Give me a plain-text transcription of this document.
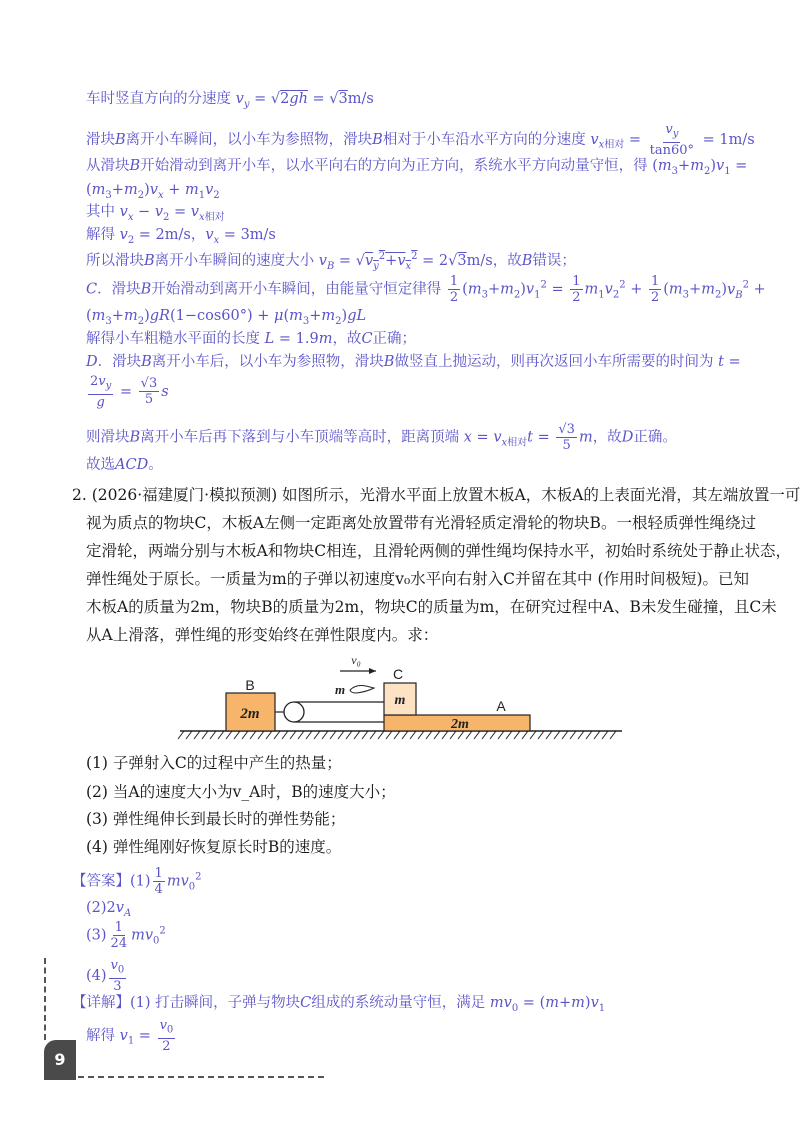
车时竖直方向的分速度 $v_y = √2gh = √3m/s$
滑块B离开小车瞬间，以小车为参照物，滑块B相对于小车沿水平方向的分速度 $v_{x相对} = \frac{v_y}{\tan 60^\circ} = 1m/s$
从滑块B开始滑动到离开小车，以水平向右的方向为正方向，系统水平方向动量守恒，得 $(m_3+m_2)v_1$ =
$(m_3+m_2)v_x + m_1v_2$
其中 $v_x - v_2 = v_{x相对}$
解得 $v_2 = 2m/s$，$v_x = 3m/s$
所以滑块B离开小车瞬间的速度大小 $v_B = √v_y^2+v_x^2 = 2√3m/s$，故B错误；
C．滑块B开始滑动到离开小车瞬间，由能量守恒定律得 $\frac{1}{2} (m_3+m_2)v_1^2 = \frac{1}{2} m_1v_2^2 + \frac{1}{2} (m_3+m_2)v_B^2$ +
$(m_3+m_2)gR(1-\cos 60^\circ) + \mu(m_3+m_2)gL$
解得小车粗糙水平面的长度 L = 1.9m，故C正确；
D．滑块B离开小车后，以小车为参照物，滑块B做竖直上抛运动，则再次返回小车所需要的时间为 t =
$\frac{2v_y}{g} = \frac{√3}{5}$ s
则滑块B离开小车后再下落到与小车顶端等高时，距离顶端 $x = v_{x相对}t = \frac{√3}{5}$ m，故D正确。
故选ACD。
2. (2026·福建厦门·模拟预测) 如图所示，光滑水平面上放置木板A，木板A的上表面光滑，其左端放置一可
视为质点的物块C，木板A左侧一定距离处放置带有光滑轻质定滑轮的物块B。一根轻质弹性绳绕过
定滑轮，两端分别与木板A和物块C相连，且滑轮两侧的弹性绳均保持水平，初始时系统处于静止状态，
弹性绳处于原长。一质量为m的子弹以初速度v₀水平向右射入C并留在其中 (作用时间极短)。已知
木板A的质量为2m，物块B的质量为2m，物块C的质量为m，在研究过程中A、B未发生碰撞，且C未
从A上滑落，弹性绳的形变始终在弹性限度内。求：
B
2m
2m
A
C
m
m
v₀
(1) 子弹射入C的过程中产生的热量；
(2) 当A的速度大小为v_A时，B的速度大小；
(3) 弹性绳伸长到最长时的弹性势能；
(4) 弹性绳刚好恢复原长时B的速度。
【答案】$(1) \frac{1}{4} mv_0^2$
$(2)2v_A$
$(3) \frac{1}{24} mv_0^2$
$(4) \frac{v_0}{3}$
【详解】(1) 打击瞬间，子弹与物块C组成的系统动量守恒，满足 $mv_0 = (m+m)v_1$
解得 $v_1 = \frac{v_0}{2}$
9
